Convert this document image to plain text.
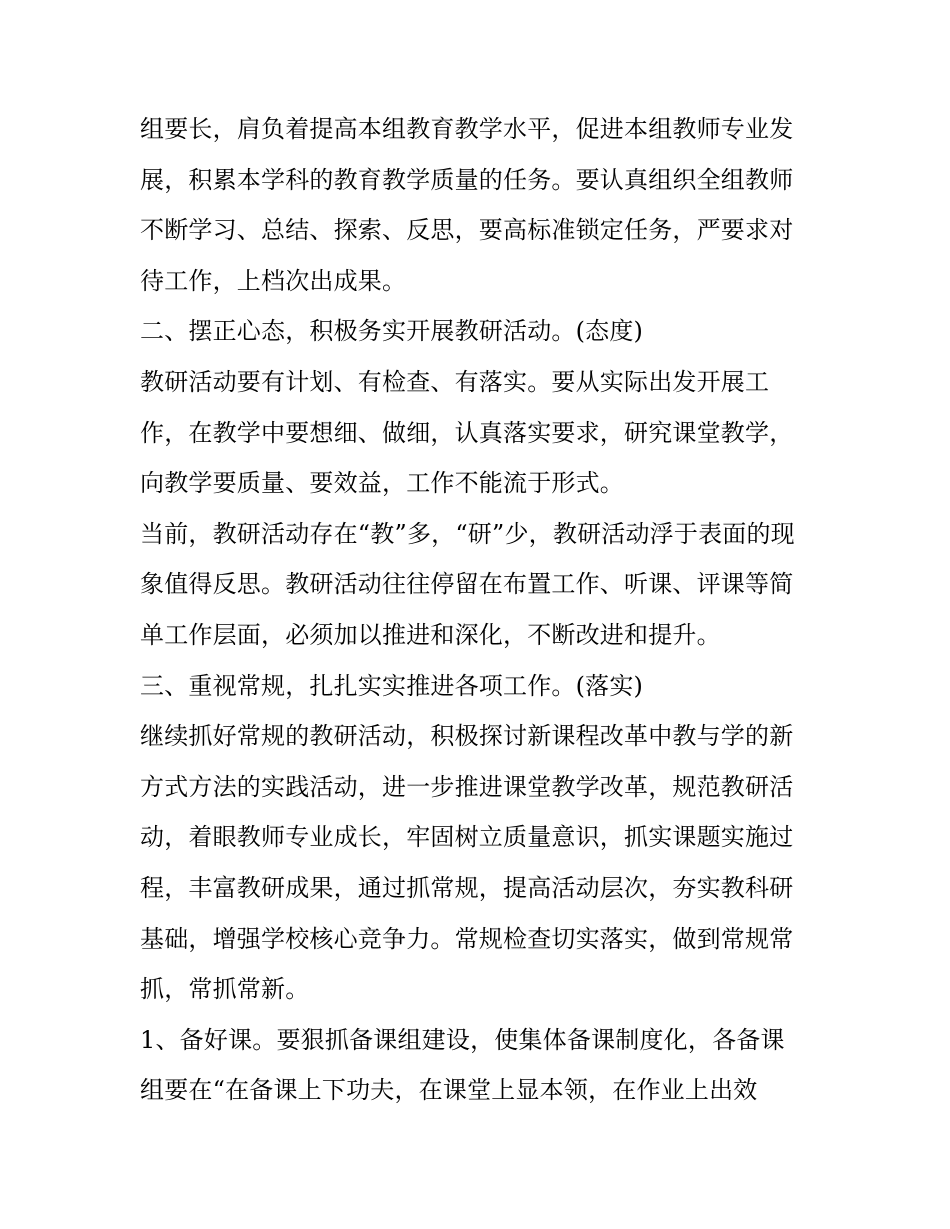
组要长，肩负着提高本组教育教学水平，促进本组教师专业发
展，积累本学科的教育教学质量的任务。要认真组织全组教师
不断学习、总结、探索、反思，要高标准锁定任务，严要求对
待工作，上档次出成果。
二、摆正心态，积极务实开展教研活动。(态度)
教研活动要有计划、有检查、有落实。要从实际出发开展工
作，在教学中要想细、做细，认真落实要求，研究课堂教学，
向教学要质量、要效益，工作不能流于形式。
当前，教研活动存在“教”多，“研”少，教研活动浮于表面的现
象值得反思。教研活动往往停留在布置工作、听课、评课等简
单工作层面，必须加以推进和深化，不断改进和提升。
三、重视常规，扎扎实实推进各项工作。(落实)
继续抓好常规的教研活动，积极探讨新课程改革中教与学的新
方式方法的实践活动，进一步推进课堂教学改革，规范教研活
动，着眼教师专业成长，牢固树立质量意识，抓实课题实施过
程，丰富教研成果，通过抓常规，提高活动层次，夯实教科研
基础，增强学校核心竞争力。常规检查切实落实，做到常规常
抓，常抓常新。
1、备好课。要狠抓备课组建设，使集体备课制度化，各备课
组要在“在备课上下功夫，在课堂上显本领，在作业上出效
